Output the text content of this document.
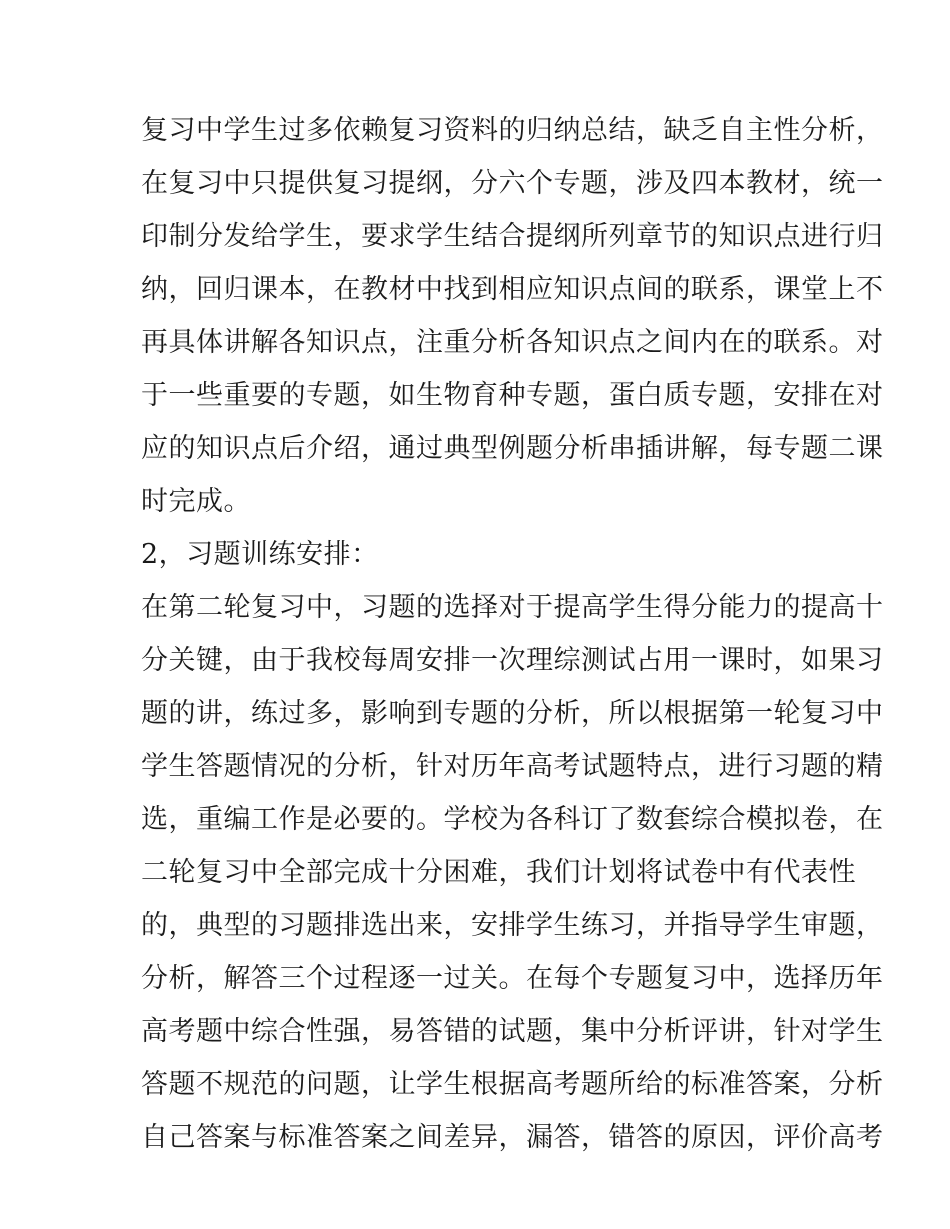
复习中学生过多依赖复习资料的归纳总结，缺乏自主性分析，
在复习中只提供复习提纲，分六个专题，涉及四本教材，统一
印制分发给学生，要求学生结合提纲所列章节的知识点进行归
纳，回归课本，在教材中找到相应知识点间的联系，课堂上不
再具体讲解各知识点，注重分析各知识点之间内在的联系。对
于一些重要的专题，如生物育种专题，蛋白质专题，安排在对
应的知识点后介绍，通过典型例题分析串插讲解，每专题二课
时完成。
2，习题训练安排：
在第二轮复习中，习题的选择对于提高学生得分能力的提高十
分关键，由于我校每周安排一次理综测试占用一课时，如果习
题的讲，练过多，影响到专题的分析，所以根据第一轮复习中
学生答题情况的分析，针对历年高考试题特点，进行习题的精
选，重编工作是必要的。学校为各科订了数套综合模拟卷，在
二轮复习中全部完成十分困难，我们计划将试卷中有代表性
的，典型的习题排选出来，安排学生练习，并指导学生审题，
分析，解答三个过程逐一过关。在每个专题复习中，选择历年
高考题中综合性强，易答错的试题，集中分析评讲，针对学生
答题不规范的问题，让学生根据高考题所给的标准答案，分析
自己答案与标准答案之间差异，漏答，错答的原因，评价高考
